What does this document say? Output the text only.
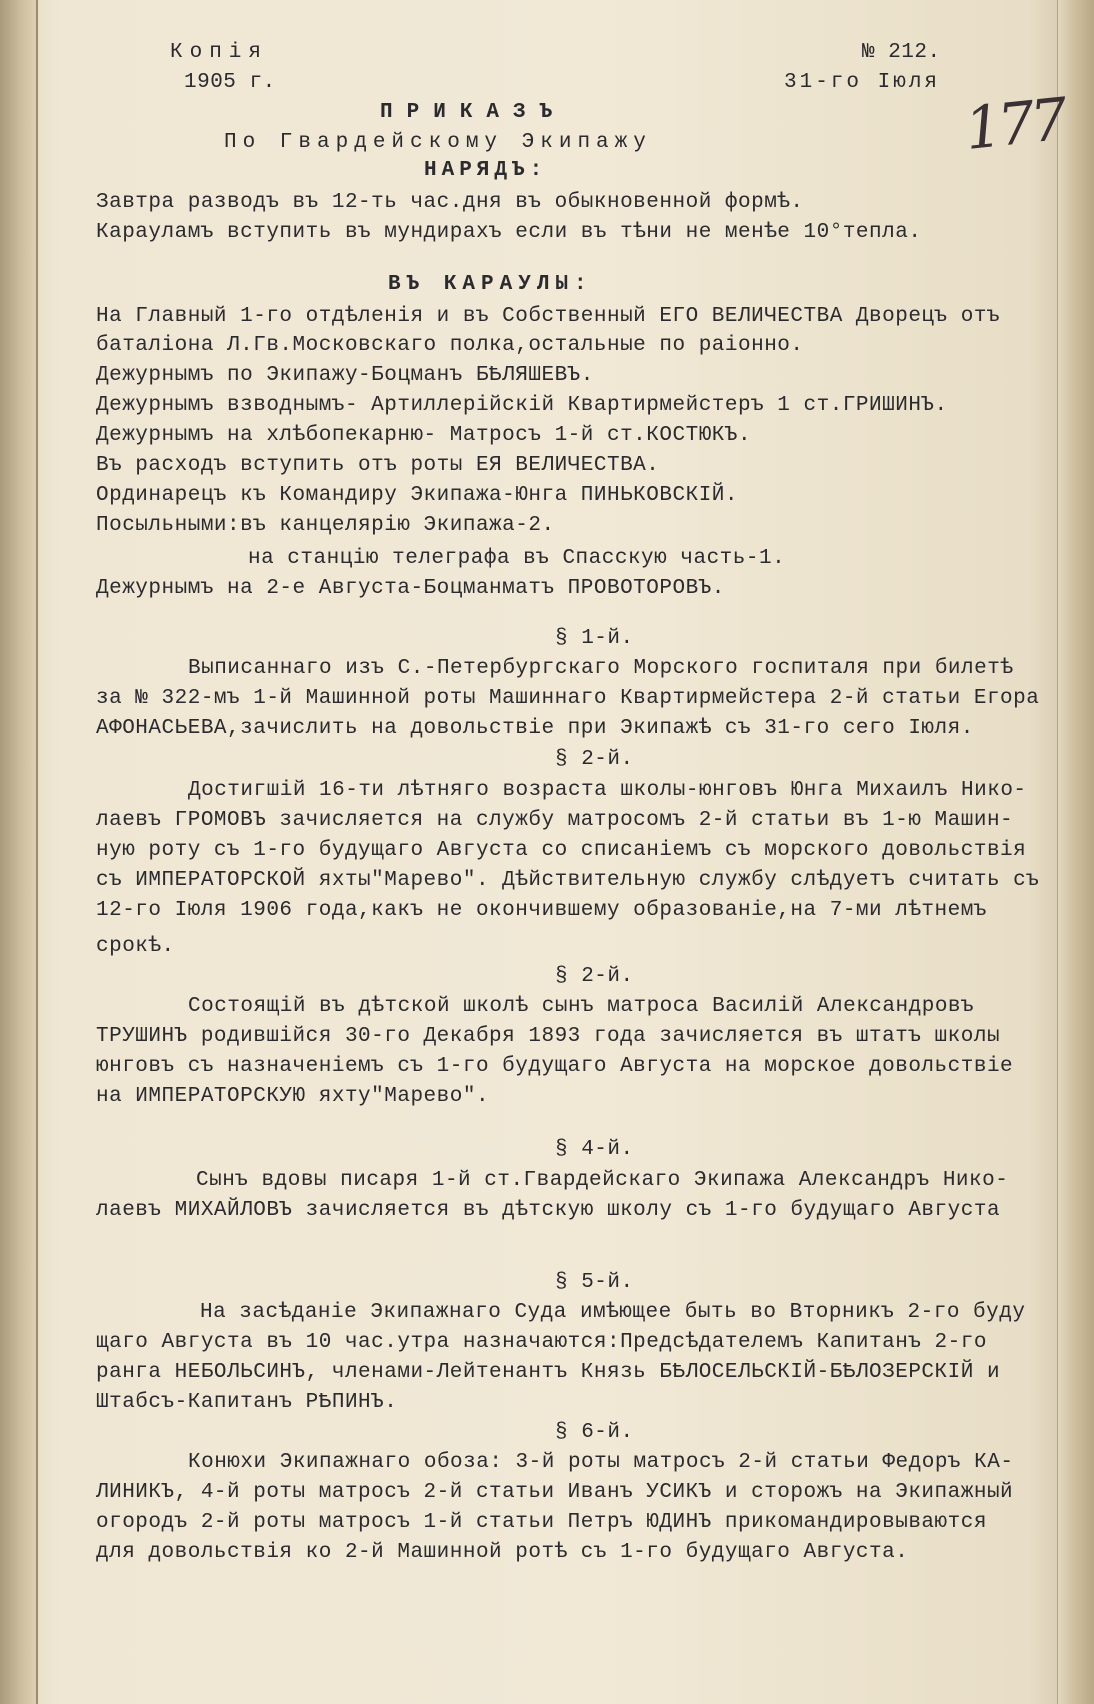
Копія
1905 г.
№ 212.
31-го Іюля
177
ПРИКАЗЪ
По Гвардейскому Экипажу
НАРЯДЪ:
Завтра разводъ въ 12-ть час.дня въ обыкновенной формѣ.
Карауламъ вступить въ мундирахъ если въ тѣни не менѣе 10°тепла.
ВЪ КАРАУЛЫ:
На Главный 1-го отдѣленія и въ Собственный ЕГО ВЕЛИЧЕСТВА Дворецъ отъ
баталіона Л.Гв.Московскаго полка,остальные по раіонно.
Дежурнымъ по Экипажу-Боцманъ БѢЛЯШЕВЪ.
Дежурнымъ взводнымъ- Артиллерійскій Квартирмейстеръ 1 ст.ГРИШИНЪ.
Дежурнымъ на хлѣбопекарню- Матросъ 1-й ст.КОСТЮКЪ.
Въ расходъ вступить отъ роты ЕЯ ВЕЛИЧЕСТВА.
Ординарецъ къ Командиру Экипажа-Юнга ПИНЬКОВСКІЙ.
Посыльными:въ канцелярію Экипажа-2.
на станцію телеграфа въ Спасскую часть-1.
Дежурнымъ на 2-е Августа-Боцманматъ ПРОВОТОРОВЪ.
§ 1-й.
Выписаннаго изъ С.-Петербургскаго Морского госпиталя при билетѣ
за № 322-мъ 1-й Машинной роты Машиннаго Квартирмейстера 2-й статьи Егора
АФОНАСЬЕВА,зачислить на довольствіе при Экипажѣ съ 31-го сего Іюля.
§ 2-й.
Достигшій 16-ти лѣтняго возраста школы-юнговъ Юнга Михаилъ Нико-
лаевъ ГРОМОВЪ зачисляется на службу матросомъ 2-й статьи въ 1-ю Машин-
ную роту съ 1-го будущаго Августа со списаніемъ съ морского довольствія
съ ИМПЕРАТОРСКОЙ яхты"Марево". Дѣйствительную службу слѣдуетъ считать съ
12-го Іюля 1906 года,какъ не окончившему образованіе,на 7-ми лѣтнемъ
срокѣ.
§ 2-й.
Состоящій въ дѣтской школѣ сынъ матроса Василій Александровъ
ТРУШИНЪ родившійся 30-го Декабря 1893 года зачисляется въ штатъ школы
юнговъ съ назначеніемъ съ 1-го будущаго Августа на морское довольствіе
на ИМПЕРАТОРСКУЮ яхту"Марево".
§ 4-й.
Сынъ вдовы писаря 1-й ст.Гвардейскаго Экипажа Александръ Нико-
лаевъ МИХАЙЛОВЪ зачисляется въ дѣтскую школу съ 1-го будущаго Августа
§ 5-й.
На засѣданіе Экипажнаго Суда имѣющее быть во Вторникъ 2-го буду
щаго Августа въ 10 час.утра назначаются:Предсѣдателемъ Капитанъ 2-го
ранга НЕБОЛЬСИНЪ, членами-Лейтенантъ Князь БѢЛОСЕЛЬСКІЙ-БѢЛОЗЕРСКІЙ и
Штабсъ-Капитанъ РѢПИНЪ.
§ 6-й.
Конюхи Экипажнаго обоза: 3-й роты матросъ 2-й статьи Федоръ КА-
ЛИНИКЪ, 4-й роты матросъ 2-й статьи Иванъ УСИКЪ и сторожъ на Экипажный
огородъ 2-й роты матросъ 1-й статьи Петръ ЮДИНЪ прикомандировываются
для довольствія ко 2-й Машинной ротѣ съ 1-го будущаго Августа.
